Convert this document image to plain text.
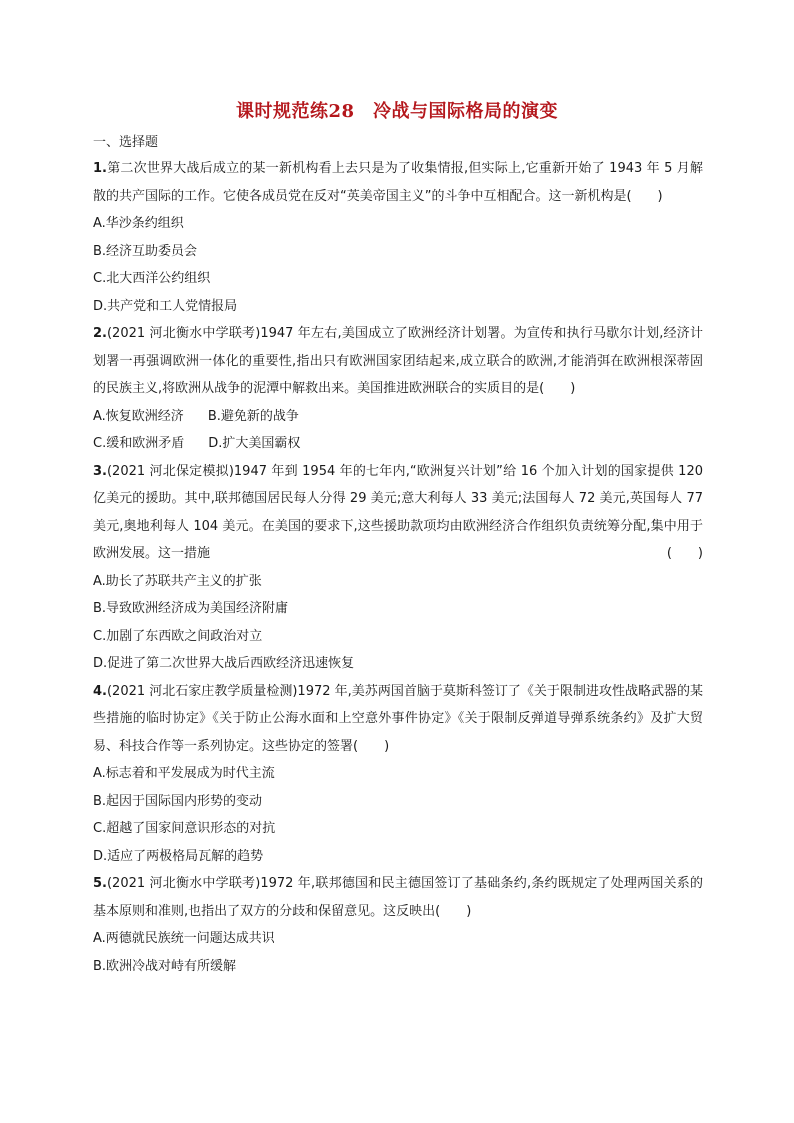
课时规范练28　冷战与国际格局的演变
一、选择题

1.第二次世界大战后成立的某一新机构看上去只是为了收集情报,但实际上,它重新开始了 1943 年 5 月解散的共产国际的工作。它使各成员党在反对“英美帝国主义”的斗争中互相配合。这一新机构是(　　)

A.华沙条约组织
B.经济互助委员会
C.北大西洋公约组织
D.共产党和工人党情报局

2.(2021 河北衡水中学联考)1947 年左右,美国成立了欧洲经济计划署。为宣传和执行马歇尔计划,经济计划署一再强调欧洲一体化的重要性,指出只有欧洲国家团结起来,成立联合的欧洲,才能消弭在欧洲根深蒂固的民族主义,将欧洲从战争的泥潭中解救出来。美国推进欧洲联合的实质目的是(　　)

A.恢复欧洲经济 B.避免新的战争
C.缓和欧洲矛盾 D.扩大美国霸权

3.(2021 河北保定模拟)1947 年到 1954 年的七年内,“欧洲复兴计划”给 16 个加入计划的国家提供 120 亿美元的援助。其中,联邦德国居民每人分得 29 美元;意大利每人 33 美元;法国每人 72 美元,英国每人 77 美元,奥地利每人 104 美元。在美国的要求下,这些援助款项均由欧洲经济合作组织负责统筹分配,集中用于欧洲发展。这一措施	(　　)

A.助长了苏联共产主义的扩张
B.导致欧洲经济成为美国经济附庸
C.加剧了东西欧之间政治对立
D.促进了第二次世界大战后西欧经济迅速恢复

4.(2021 河北石家庄教学质量检测)1972 年,美苏两国首脑于莫斯科签订了《关于限制进攻性战略武器的某些措施的临时协定》《关于防止公海水面和上空意外事件协定》《关于限制反弹道导弹系统条约》及扩大贸易、科技合作等一系列协定。这些协定的签署(　　)

A.标志着和平发展成为时代主流
B.起因于国际国内形势的变动
C.超越了国家间意识形态的对抗
D.适应了两极格局瓦解的趋势

5.(2021 河北衡水中学联考)1972 年,联邦德国和民主德国签订了基础条约,条约既规定了处理两国关系的基本原则和准则,也指出了双方的分歧和保留意见。这反映出(　　)

A.两德就民族统一问题达成共识
B.欧洲冷战对峙有所缓解
